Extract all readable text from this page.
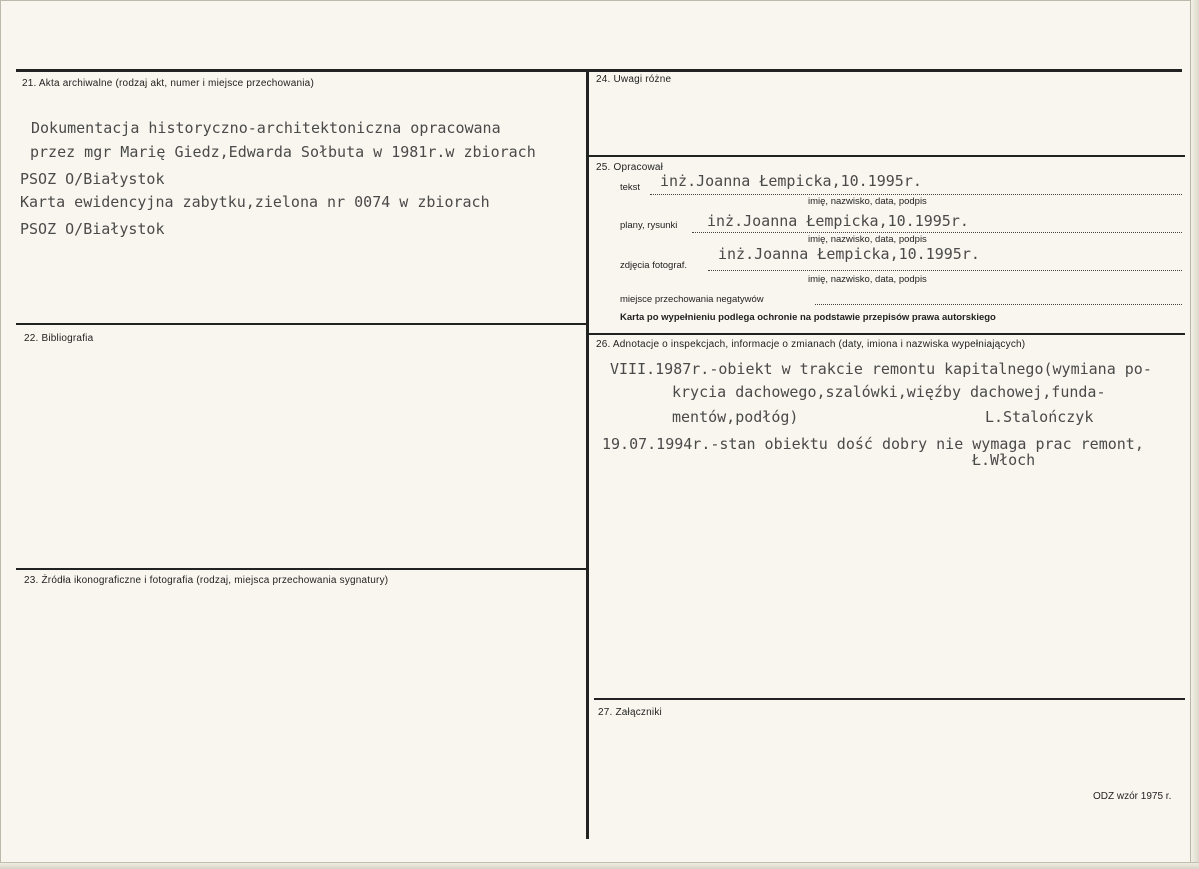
21. Akta archiwalne (rodzaj akt, numer i miejsce przechowania)
Dokumentacja historyczno-architektoniczna opracowana
przez mgr Marię Giedz,Edwarda Sołbuta w 1981r.w zbiorach
PSOZ O/Białystok
Karta ewidencyjna zabytku,zielona nr 0074 w zbiorach
PSOZ O/Białystok
22. Bibliografia
23. Źródła ikonograficzne i fotografia (rodzaj, miejsca przechowania sygnatury)
24. Uwagi różne
25. Opracował
tekst inż.Joanna Łempicka,10.1995r.
imię, nazwisko, data, podpis
plany, rysunki inż.Joanna Łempicka,10.1995r.
imię, nazwisko, data, podpis
zdjęcia fotograf.
inż.Joanna Łempicka,10.1995r.
imię, nazwisko, data, podpis
miejsce przechowania negatywów
Karta po wypełnieniu podlega ochronie na podstawie przepisów prawa autorskiego
26. Adnotacje o inspekcjach, informacje o zmianach (daty, imiona i nazwiska wypełniających)
VIII.1987r.-obiekt w trakcie remontu kapitalnego(wymiana po-
krycia dachowego,szalówki,więźby dachowej,funda-
mentów,podłóg)	L.Stalończyk
19.07.1994r.-stan obiektu dość dobry nie wymaga prac remont,
Ł.Włoch
27. Załączniki
ODZ wzór 1975 r.
